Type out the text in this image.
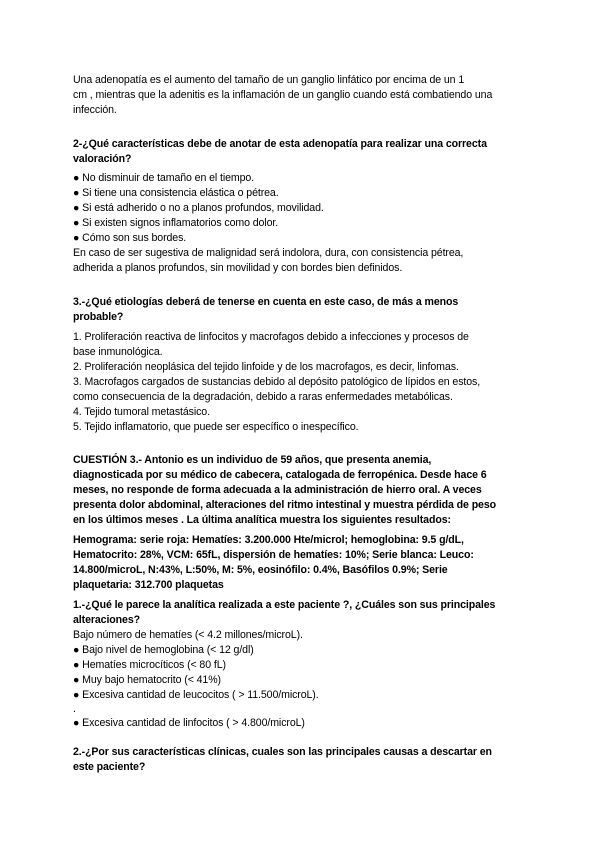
Una adenopatía es el aumento del tamaño de un ganglio linfático por encima de un 1
cm , mientras que la adenitis es la inflamación de un ganglio cuando está combatiendo una
infección.
2-¿Qué características debe de anotar de esta adenopatía para realizar una correcta
valoración?
● No disminuir de tamaño en el tiempo.
● Si tiene una consistencia elástica o pétrea.
● Si está adherido o no a planos profundos, movilidad.
● Si existen signos inflamatorios como dolor.
● Cómo son sus bordes.
En caso de ser sugestiva de malignidad será indolora, dura, con consistencia pétrea,
adherida a planos profundos, sin movilidad y con bordes bien definidos.
3.-¿Qué etiologías deberá de tenerse en cuenta en este caso, de más a menos
probable?
1. Proliferación reactiva de linfocitos y macrofagos debido a infecciones y procesos de
base inmunológica.
2. Proliferación neoplásica del tejido linfoide y de los macrofagos, es decir, linfomas.
3. Macrofagos cargados de sustancias debido al depósito patológico de lípidos en estos,
como consecuencia de la degradación, debido a raras enfermedades metabólicas.
4. Tejido tumoral metastásico.
5. Tejido inflamatorio, que puede ser específico o inespecífico.
CUESTIÓN 3.- Antonio es un individuo de 59 años, que presenta anemia,
diagnosticada por su médico de cabecera, catalogada de ferropénica. Desde hace 6
meses, no responde de forma adecuada a la administración de hierro oral. A veces
presenta dolor abdominal, alteraciones del ritmo intestinal y muestra pérdida de peso
en los últimos meses . La última analítica muestra los siguientes resultados:
Hemograma: serie roja: Hematíes: 3.200.000 Hte/microl; hemoglobina: 9.5 g/dL,
Hematocrito: 28%, VCM: 65fL, dispersión de hematíes: 10%; Serie blanca: Leuco:
14.800/microL, N:43%, L:50%, M: 5%, eosinófilo: 0.4%, Basófilos 0.9%; Serie
plaquetaria: 312.700 plaquetas
1.-¿Qué le parece la analítica realizada a este paciente ?, ¿Cuáles son sus principales
alteraciones?
Bajo número de hematíes (< 4.2 millones/microL).
● Bajo nivel de hemoglobina (< 12 g/dl)
● Hematíes microcíticos (< 80 fL)
● Muy bajo hematocrito (< 41%)
● Excesiva cantidad de leucocitos ( > 11.500/microL).
.
● Excesiva cantidad de linfocitos ( > 4.800/microL)
2.-¿Por sus características clínicas, cuales son las principales causas a descartar en
este paciente?
